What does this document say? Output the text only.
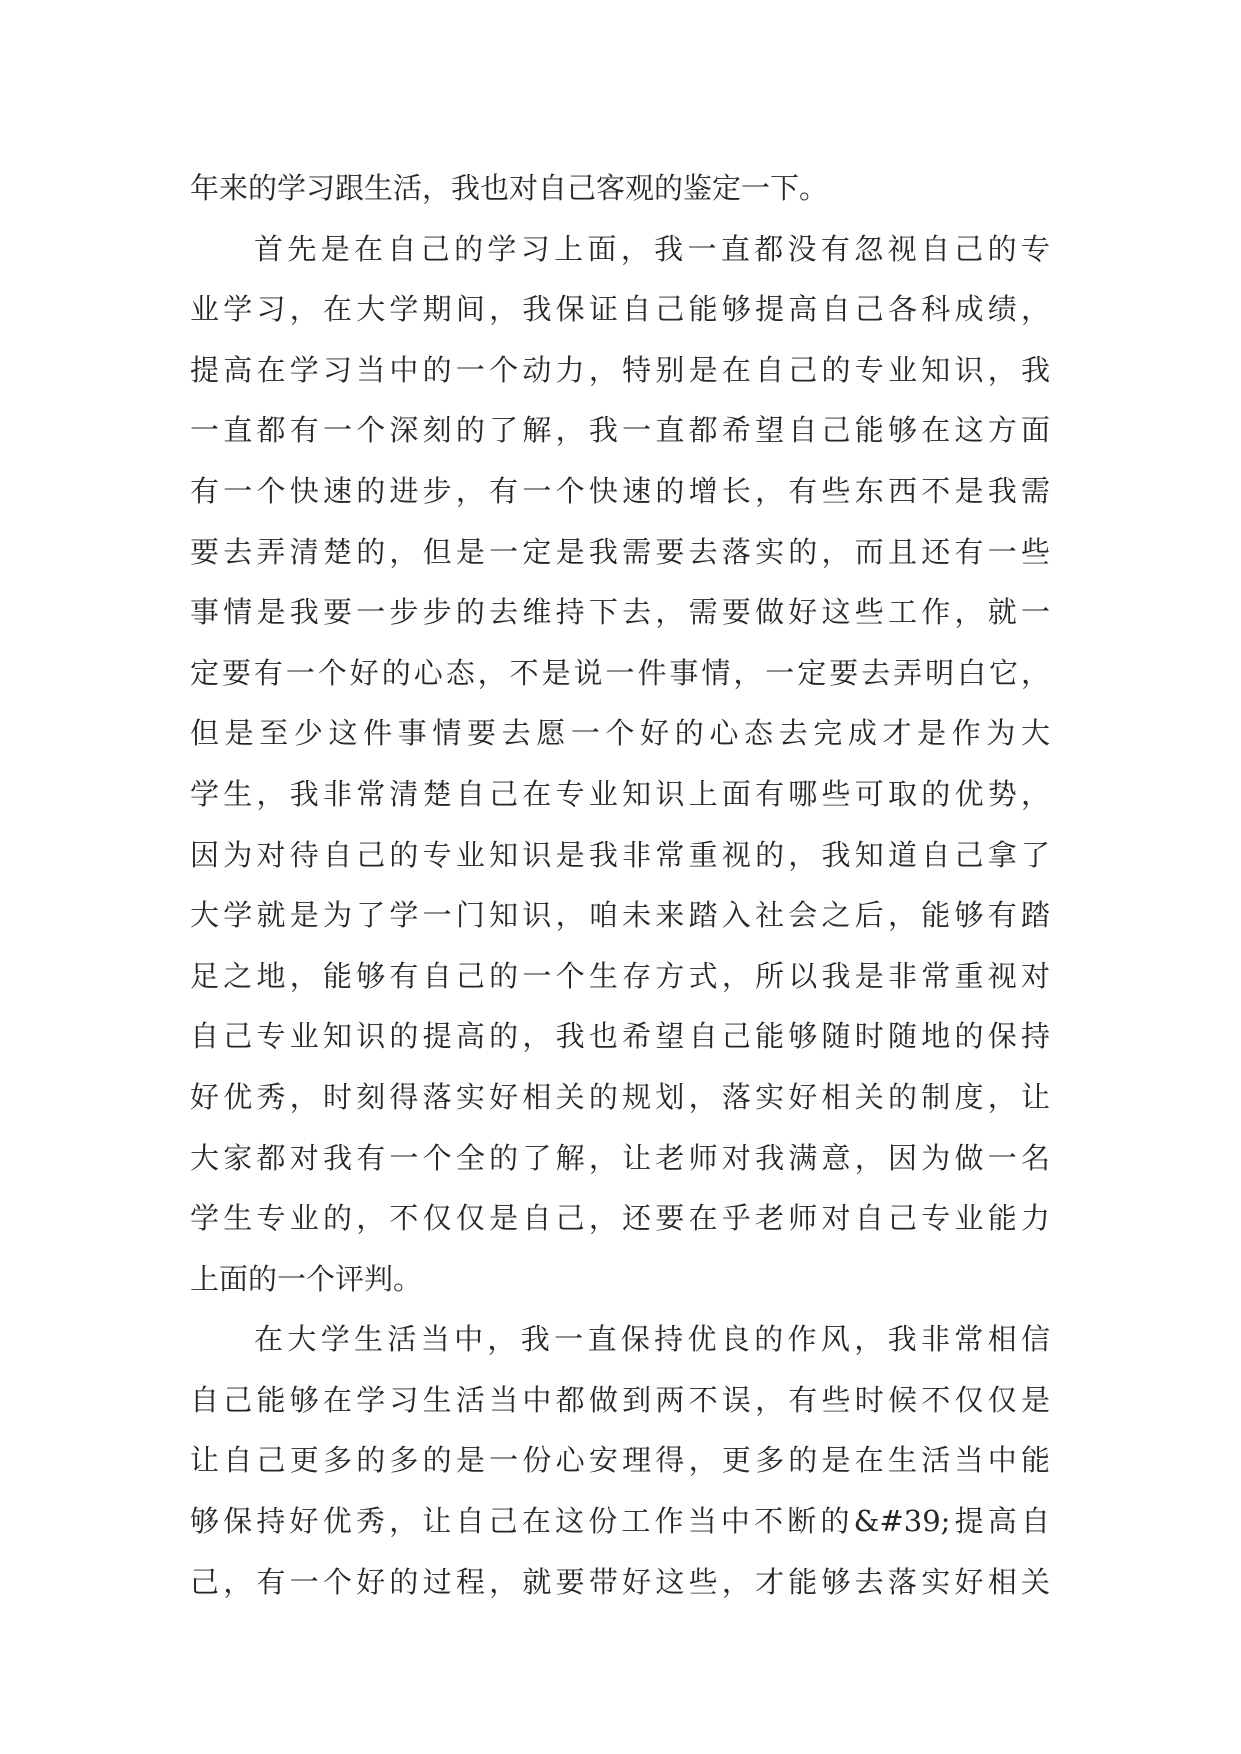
年来的学习跟生活，我也对自己客观的鉴定一下。
首先是在自己的学习上面，我一直都没有忽视自己的专
业学习，在大学期间，我保证自己能够提高自己各科成绩，
提高在学习当中的一个动力，特别是在自己的专业知识，我
一直都有一个深刻的了解，我一直都希望自己能够在这方面
有一个快速的进步，有一个快速的增长，有些东西不是我需
要去弄清楚的，但是一定是我需要去落实的，而且还有一些
事情是我要一步步的去维持下去，需要做好这些工作，就一
定要有一个好的心态，不是说一件事情，一定要去弄明白它，
但是至少这件事情要去愿一个好的心态去完成才是作为大
学生，我非常清楚自己在专业知识上面有哪些可取的优势，
因为对待自己的专业知识是我非常重视的，我知道自己拿了
大学就是为了学一门知识，咱未来踏入社会之后，能够有踏
足之地，能够有自己的一个生存方式，所以我是非常重视对
自己专业知识的提高的，我也希望自己能够随时随地的保持
好优秀，时刻得落实好相关的规划，落实好相关的制度，让
大家都对我有一个全的了解，让老师对我满意，因为做一名
学生专业的，不仅仅是自己，还要在乎老师对自己专业能力
上面的一个评判。
在大学生活当中，我一直保持优良的作风，我非常相信
自己能够在学习生活当中都做到两不误，有些时候不仅仅是
让自己更多的多的是一份心安理得，更多的是在生活当中能
够保持好优秀，让自己在这份工作当中不断的&#39;提高自
己，有一个好的过程，就要带好这些，才能够去落实好相关
